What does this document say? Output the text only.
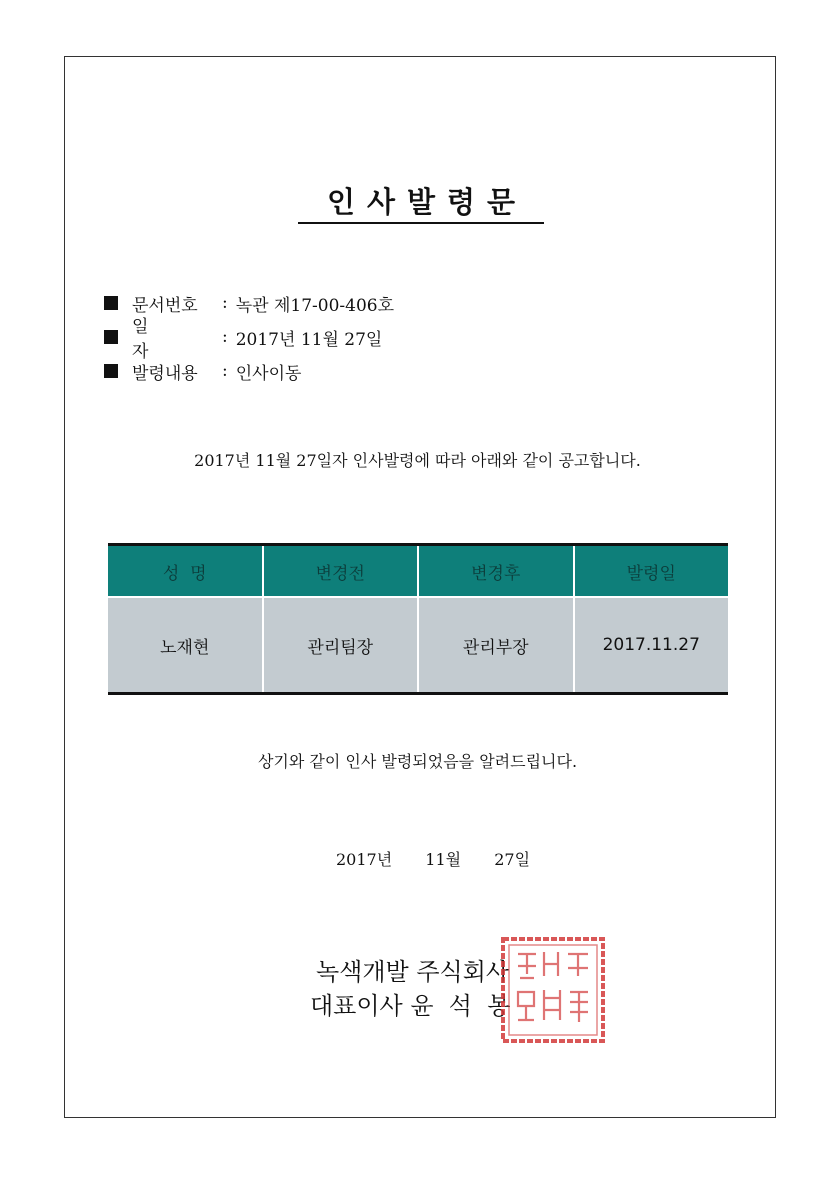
인사발령문
문서번호	: 녹관 제17-00-406호
일자
: 2017년 11월 27일
발령내용	: 인사이동
2017년 11월 27일자 인사발령에 따라 아래와 같이 공고합니다.
성  명	변경전	변경후	발령일
노재현	관리팀장	관리부장	2017.11.27
상기와 같이 인사 발령되었음을 알려드립니다.
2017년 11월 27일
녹색개발 주식회사
대표이사 윤  석  봉
